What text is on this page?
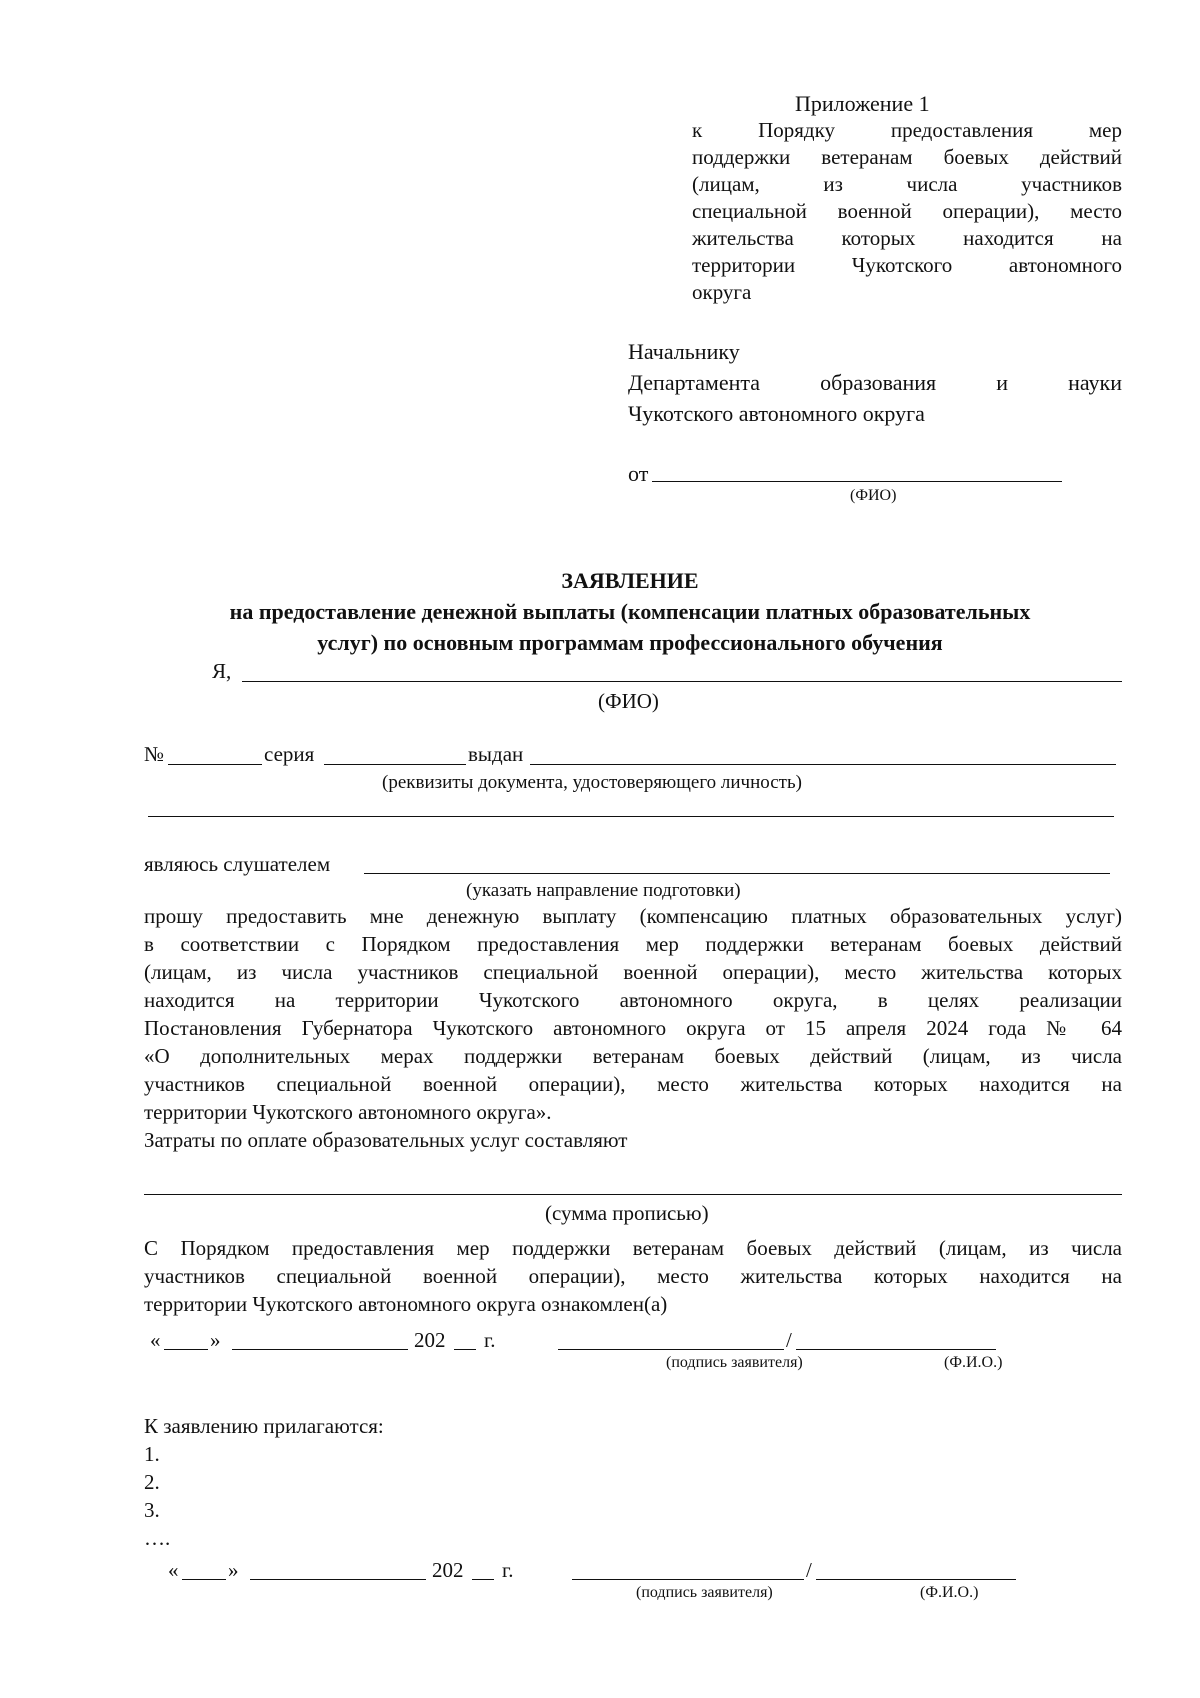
Приложение 1
к Порядку предоставления мер
поддержки ветеранам боевых действий
(лицам, из числа участников
специальной военной операции), место
жительства которых находится на
территории Чукотского автономного
округа
Начальнику
Департамента образования и науки
Чукотского автономного округа
от
(ФИО)
ЗАЯВЛЕНИЕ
на предоставление денежной выплаты (компенсации платных образовательных
услуг) по основным программам профессионального обучения
Я,
(ФИО)
№	серия	выдан
(реквизиты документа, удостоверяющего личность)
являюсь слушателем
(указать направление подготовки)
прошу предоставить мне денежную выплату (компенсацию платных образовательных услуг)
в соответствии с Порядком предоставления мер поддержки ветеранам боевых действий
(лицам, из числа участников специальной военной операции), место жительства которых
находится на территории Чукотского автономного округа, в целях реализации
Постановления Губернатора Чукотского автономного округа от 15 апреля 2024 года № 64
«О дополнительных мерах поддержки ветеранам боевых действий (лицам, из числа
участников специальной военной операции), место жительства которых находится на
территории Чукотского автономного округа».
Затраты по оплате образовательных услуг составляют
(сумма прописью)
С Порядком предоставления мер поддержки ветеранам боевых действий (лицам, из числа
участников специальной военной операции), место жительства которых находится на
территории Чукотского автономного округа ознакомлен(а)
« »	202 г.	/
(подпись заявителя)	(Ф.И.О.)
К заявлению прилагаются:
1.
2.
3.
….
« »	202 г.	/
(подпись заявителя)	(Ф.И.О.)
